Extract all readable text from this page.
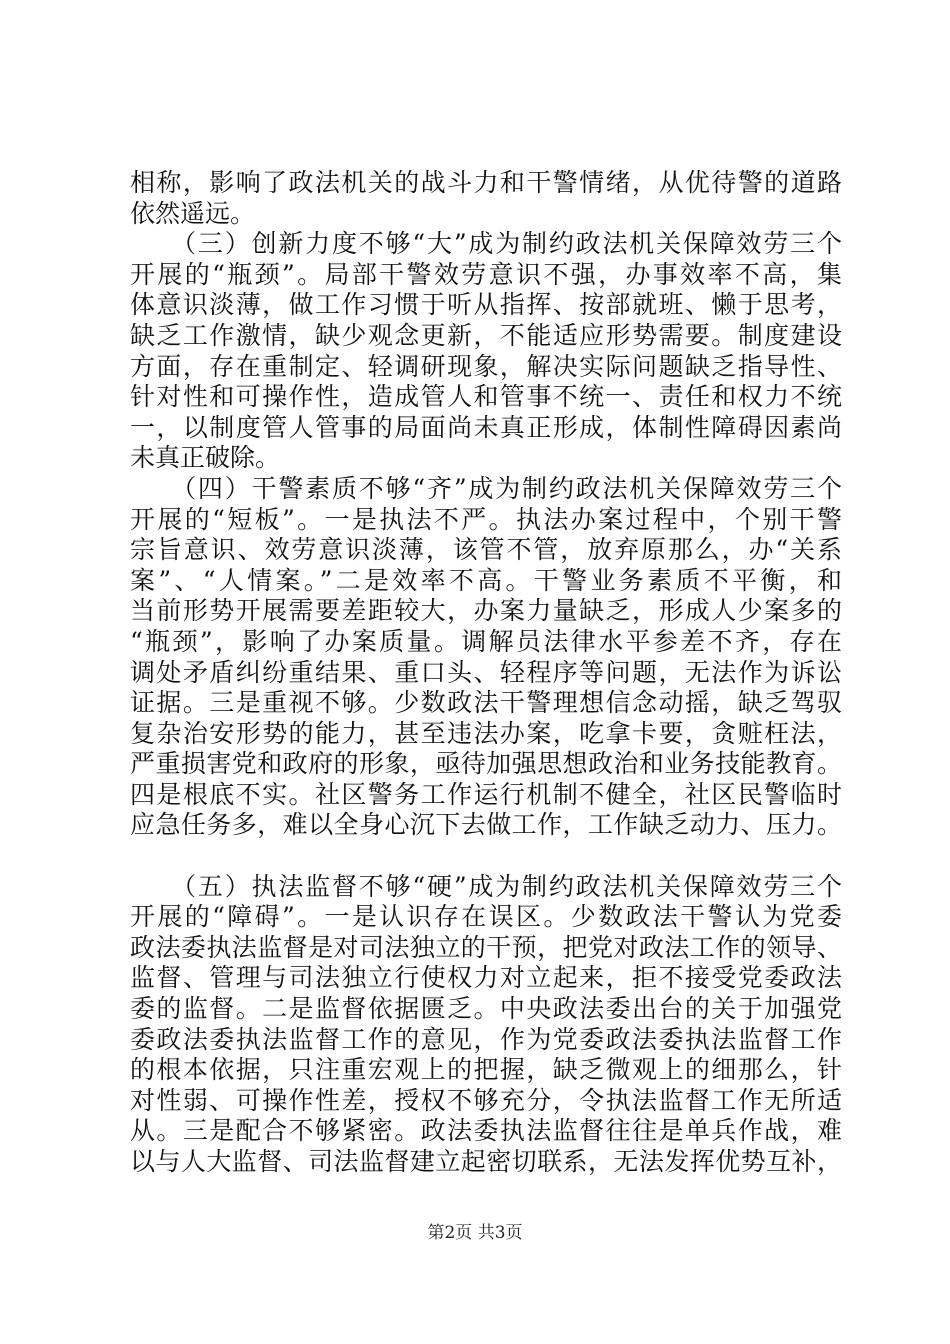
相称，影响了政法机关的战斗力和干警情绪，从优待警的道路
依然遥远。
　　（三）创新力度不够“大”成为制约政法机关保障效劳三个
开展的“瓶颈”。局部干警效劳意识不强，办事效率不高，集
体意识淡薄，做工作习惯于听从指挥、按部就班、懒于思考，
缺乏工作激情，缺少观念更新，不能适应形势需要。制度建设
方面，存在重制定、轻调研现象，解决实际问题缺乏指导性、
针对性和可操作性，造成管人和管事不统一、责任和权力不统
一，以制度管人管事的局面尚未真正形成，体制性障碍因素尚
未真正破除。
　　（四）干警素质不够“齐”成为制约政法机关保障效劳三个
开展的“短板”。一是执法不严。执法办案过程中，个别干警
宗旨意识、效劳意识淡薄，该管不管，放弃原那么，办“关系
案”、“人情案。”二是效率不高。干警业务素质不平衡，和
当前形势开展需要差距较大，办案力量缺乏，形成人少案多的
“瓶颈”，影响了办案质量。调解员法律水平参差不齐，存在
调处矛盾纠纷重结果、重口头、轻程序等问题，无法作为诉讼
证据。三是重视不够。少数政法干警理想信念动摇，缺乏驾驭
复杂治安形势的能力，甚至违法办案，吃拿卡要，贪赃枉法，
严重损害党和政府的形象，亟待加强思想政治和业务技能教育。
四是根底不实。社区警务工作运行机制不健全，社区民警临时
应急任务多，难以全身心沉下去做工作，工作缺乏动力、压力。
　　（五）执法监督不够“硬”成为制约政法机关保障效劳三个
开展的“障碍”。一是认识存在误区。少数政法干警认为党委
政法委执法监督是对司法独立的干预，把党对政法工作的领导、
监督、管理与司法独立行使权力对立起来，拒不接受党委政法
委的监督。二是监督依据匮乏。中央政法委出台的关于加强党
委政法委执法监督工作的意见，作为党委政法委执法监督工作
的根本依据，只注重宏观上的把握，缺乏微观上的细那么，针
对性弱、可操作性差，授权不够充分，令执法监督工作无所适
从。三是配合不够紧密。政法委执法监督往往是单兵作战，难
以与人大监督、司法监督建立起密切联系，无法发挥优势互补，
第2页 共3页
